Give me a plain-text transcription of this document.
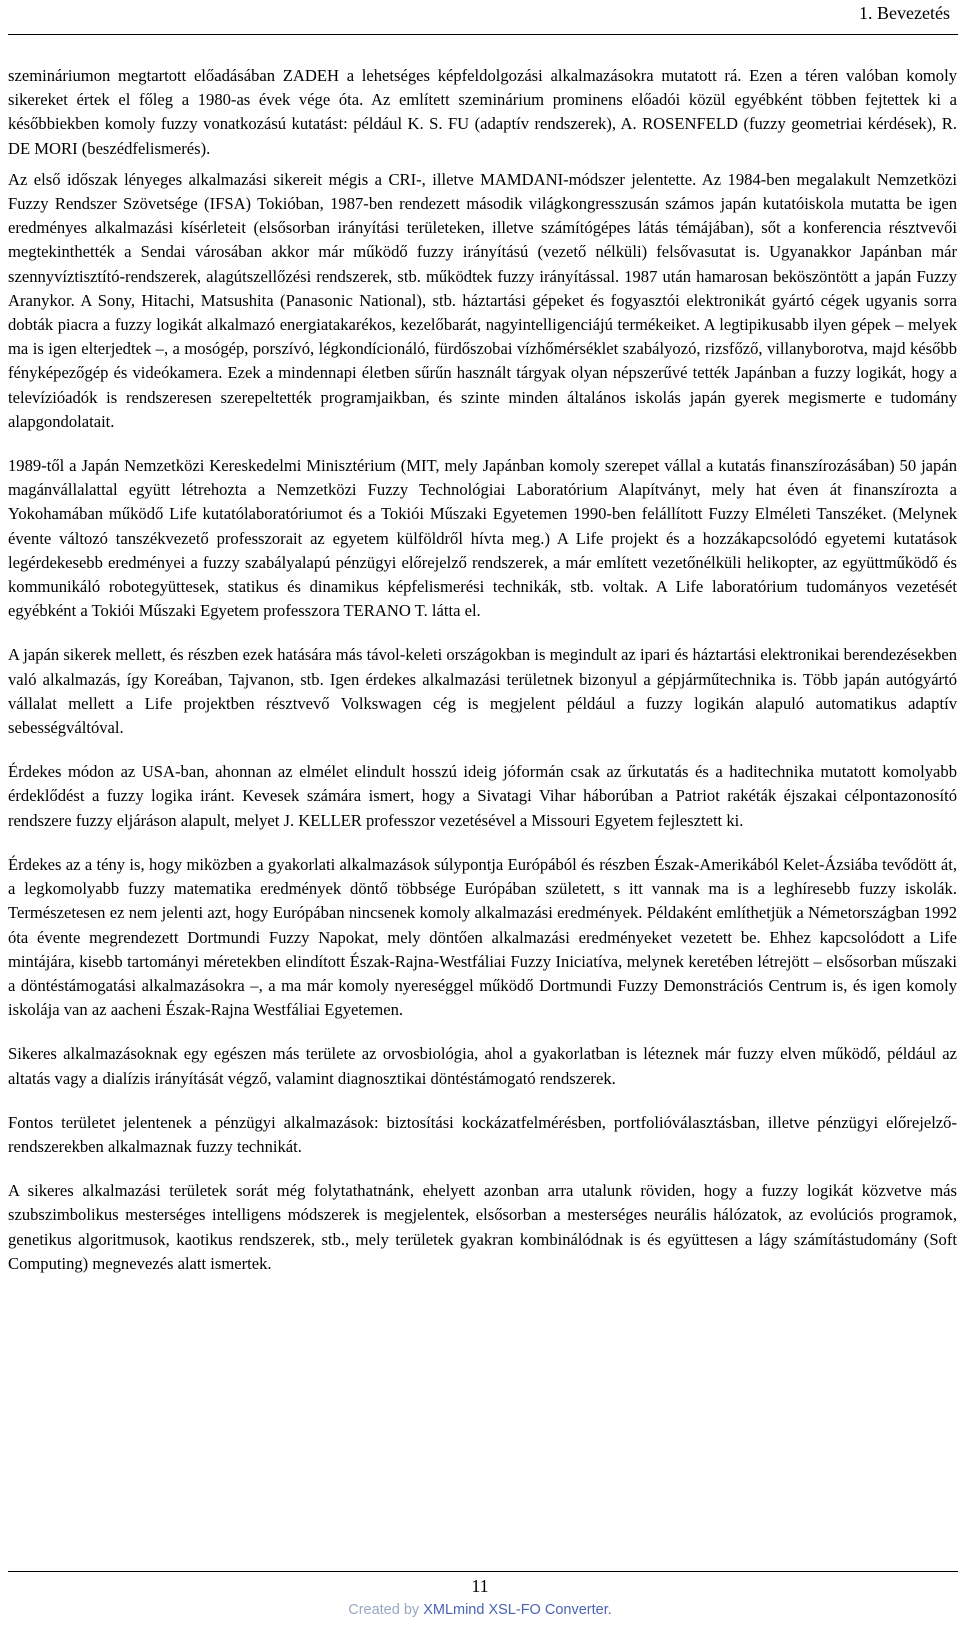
1. Bevezetés

szemináriumon megtartott előadásában ZADEH a lehetséges képfeldolgozási alkalmazásokra mutatott rá. Ezen a téren valóban komoly sikereket értek el főleg a 1980-as évek vége óta. Az említett szeminárium prominens előadói közül egyébként többen fejtettek ki a későbbiekben komoly fuzzy vonatkozású kutatást: például K. S. FU (adaptív rendszerek), A. ROSENFELD (fuzzy geometriai kérdések), R. DE MORI (beszédfelismerés).

Az első időszak lényeges alkalmazási sikereit mégis a CRI-, illetve MAMDANI-módszer jelentette. Az 1984-ben megalakult Nemzetközi Fuzzy Rendszer Szövetsége (IFSA) Tokióban, 1987-ben rendezett második világkongresszusán számos japán kutatóiskola mutatta be igen eredményes alkalmazási kísérleteit (elsősorban irányítási területeken, illetve számítógépes látás témájában), sőt a konferencia résztvevői megtekinthették a Sendai városában akkor már működő fuzzy irányítású (vezető nélküli) felsővasutat is. Ugyanakkor Japánban már szennyvíztisztító-rendszerek, alagútszellőzési rendszerek, stb. működtek fuzzy irányítással. 1987 után hamarosan beköszöntött a japán Fuzzy Aranykor. A Sony, Hitachi, Matsushita (Panasonic National), stb. háztartási gépeket és fogyasztói elektronikát gyártó cégek ugyanis sorra dobták piacra a fuzzy logikát alkalmazó energiatakarékos, kezelőbarát, nagyintelligenciájú termékeiket. A legtipikusabb ilyen gépek – melyek ma is igen elterjedtek –, a mosógép, porszívó, légkondícionáló, fürdőszobai vízhőmérséklet szabályozó, rizsfőző, villanyborotva, majd később fényképezőgép és videókamera. Ezek a mindennapi életben sűrűn használt tárgyak olyan népszerűvé tették Japánban a fuzzy logikát, hogy a televízióadók is rendszeresen szerepeltették programjaikban, és szinte minden általános iskolás japán gyerek megismerte e tudomány alapgondolatait.

1989-től a Japán Nemzetközi Kereskedelmi Minisztérium (MIT, mely Japánban komoly szerepet vállal a kutatás finanszírozásában) 50 japán magánvállalattal együtt létrehozta a Nemzetközi Fuzzy Technológiai Laboratórium Alapítványt, mely hat éven át finanszírozta a Yokohamában működő Life kutatólaboratóriumot és a Tokiói Műszaki Egyetemen 1990-ben felállított Fuzzy Elméleti Tanszéket. (Melynek évente változó tanszékvezető professzorait az egyetem külföldről hívta meg.) A Life projekt és a hozzákapcsolódó egyetemi kutatások legérdekesebb eredményei a fuzzy szabályalapú pénzügyi előrejelző rendszerek, a már említett vezetőnélküli helikopter, az együttműködő és kommunikáló robotegyüttesek, statikus és dinamikus képfelismerési technikák, stb. voltak. A Life laboratórium tudományos vezetését egyébként a Tokiói Műszaki Egyetem professzora TERANO T. látta el.

A japán sikerek mellett, és részben ezek hatására más távol-keleti országokban is megindult az ipari és háztartási elektronikai berendezésekben való alkalmazás, így Koreában, Tajvanon, stb. Igen érdekes alkalmazási területnek bizonyul a gépjárműtechnika is. Több japán autógyártó vállalat mellett a Life projektben résztvevő Volkswagen cég is megjelent például a fuzzy logikán alapuló automatikus adaptív sebességváltóval.

Érdekes módon az USA-ban, ahonnan az elmélet elindult hosszú ideig jóformán csak az űrkutatás és a haditechnika mutatott komolyabb érdeklődést a fuzzy logika iránt. Kevesek számára ismert, hogy a Sivatagi Vihar háborúban a Patriot rakéták éjszakai célpontazonosító rendszere fuzzy eljáráson alapult, melyet J. KELLER professzor vezetésével a Missouri Egyetem fejlesztett ki.

Érdekes az a tény is, hogy miközben a gyakorlati alkalmazások súlypontja Európából és részben Észak-Amerikából Kelet-Ázsiába tevődött át, a legkomolyabb fuzzy matematika eredmények döntő többsége Európában született, s itt vannak ma is a leghíresebb fuzzy iskolák. Természetesen ez nem jelenti azt, hogy Európában nincsenek komoly alkalmazási eredmények. Példaként említhetjük a Németországban 1992 óta évente megrendezett Dortmundi Fuzzy Napokat, mely döntően alkalmazási eredményeket vezetett be. Ehhez kapcsolódott a Life mintájára, kisebb tartományi méretekben elindított Észak-Rajna-Westfáliai Fuzzy Iniciatíva, melynek keretében létrejött – elsősorban műszaki a döntéstámogatási alkalmazásokra –, a ma már komoly nyereséggel működő Dortmundi Fuzzy Demonstrációs Centrum is, és igen komoly iskolája van az aacheni Észak-Rajna Westfáliai Egyetemen.

Sikeres alkalmazásoknak egy egészen más területe az orvosbiológia, ahol a gyakorlatban is léteznek már fuzzy elven működő, például az altatás vagy a dialízis irányítását végző, valamint diagnosztikai döntéstámogató rendszerek.

Fontos területet jelentenek a pénzügyi alkalmazások: biztosítási kockázatfelmérésben, portfolióválasztásban, illetve pénzügyi előrejelző-rendszerekben alkalmaznak fuzzy technikát.

A sikeres alkalmazási területek sorát még folytathatnánk, ehelyett azonban arra utalunk röviden, hogy a fuzzy logikát közvetve más szubszimbolikus mesterséges intelligens módszerek is megjelentek, elsősorban a mesterséges neurális hálózatok, az evolúciós programok, genetikus algoritmusok, kaotikus rendszerek, stb., mely területek gyakran kombinálódnak is és együttesen a lágy számítástudomány (Soft Computing) megnevezés alatt ismertek.

11
Created by XMLmind XSL-FO Converter.
